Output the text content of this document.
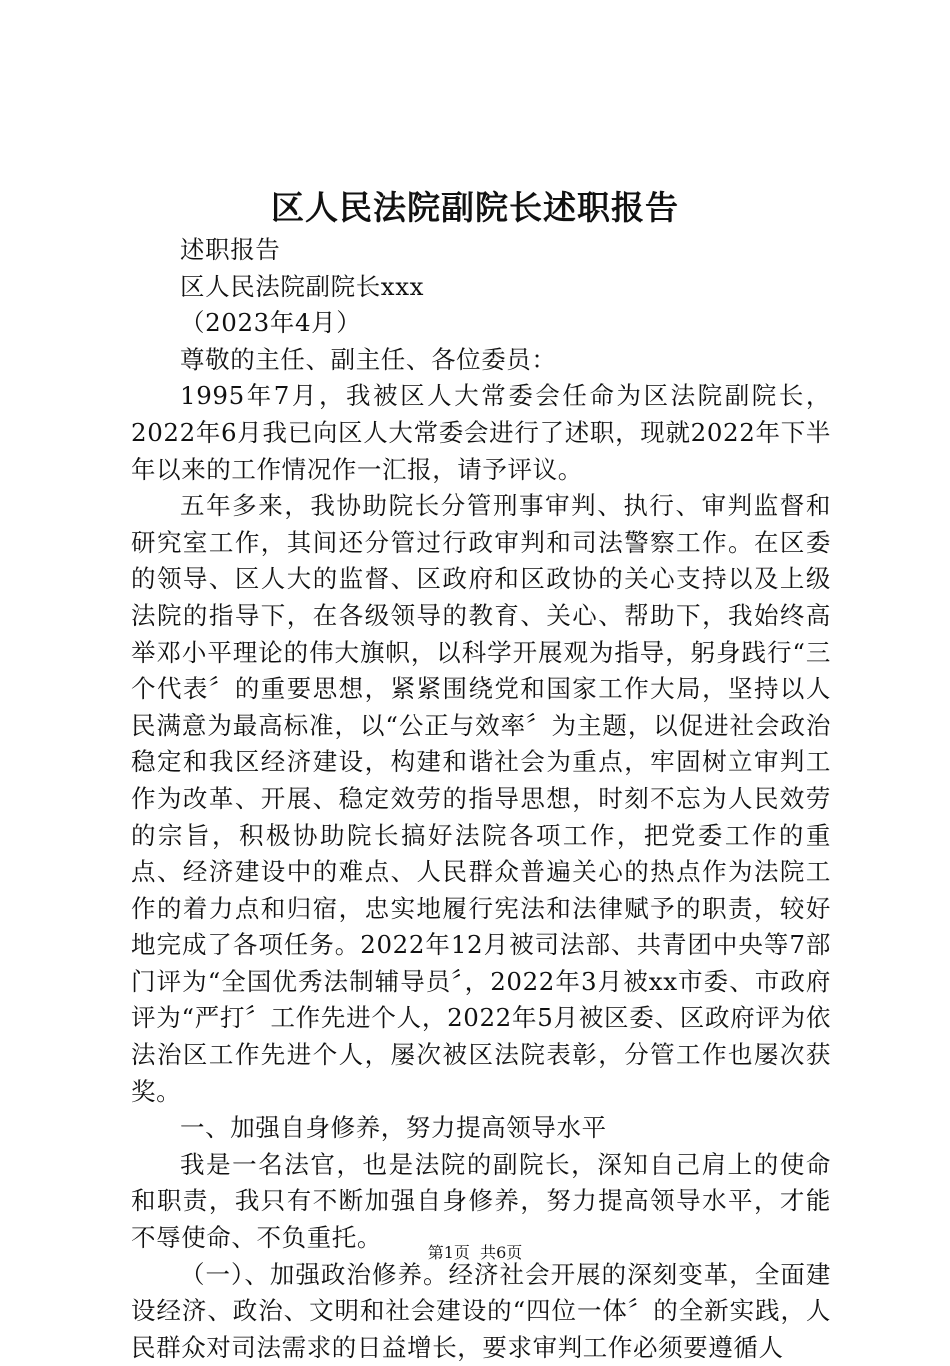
区人民法院副院长述职报告

述职报告

区人民法院副院长xxx

（2023年4月）

尊敬的主任、副主任、各位委员：

1995年7月，我被区人大常委会任命为区法院副院长，2022年6月我已向区人大常委会进行了述职，现就2022年下半年以来的工作情况作一汇报，请予评议。

五年多来，我协助院长分管刑事审判、执行、审判监督和研究室工作，其间还分管过行政审判和司法警察工作。在区委的领导、区人大的监督、区政府和区政协的关心支持以及上级法院的指导下，在各级领导的教育、关心、帮助下，我始终高举邓小平理论的伟大旗帜，以科学开展观为指导，躬身践行“三个代表〞的重要思想，紧紧围绕党和国家工作大局，坚持以人民满意为最高标准，以“公正与效率〞为主题，以促进社会政治稳定和我区经济建设，构建和谐社会为重点，牢固树立审判工作为改革、开展、稳定效劳的指导思想，时刻不忘为人民效劳的宗旨，积极协助院长搞好法院各项工作，把党委工作的重点、经济建设中的难点、人民群众普遍关心的热点作为法院工作的着力点和归宿，忠实地履行宪法和法律赋予的职责，较好地完成了各项任务。2022年12月被司法部、共青团中央等7部门评为“全国优秀法制辅导员〞，2022年3月被xx市委、市政府评为“严打〞工作先进个人，2022年5月被区委、区政府评为依法治区工作先进个人，屡次被区法院表彰，分管工作也屡次获奖。

一、加强自身修养，努力提高领导水平

我是一名法官，也是法院的副院长，深知自己肩上的使命和职责，我只有不断加强自身修养，努力提高领导水平，才能不辱使命、不负重托。

（一）、加强政治修养。经济社会开展的深刻变革，全面建设经济、政治、文明和社会建设的“四位一体〞的全新实践，人民群众对司法需求的日益增长，要求审判工作必须要遵循人

第1页  共6页
